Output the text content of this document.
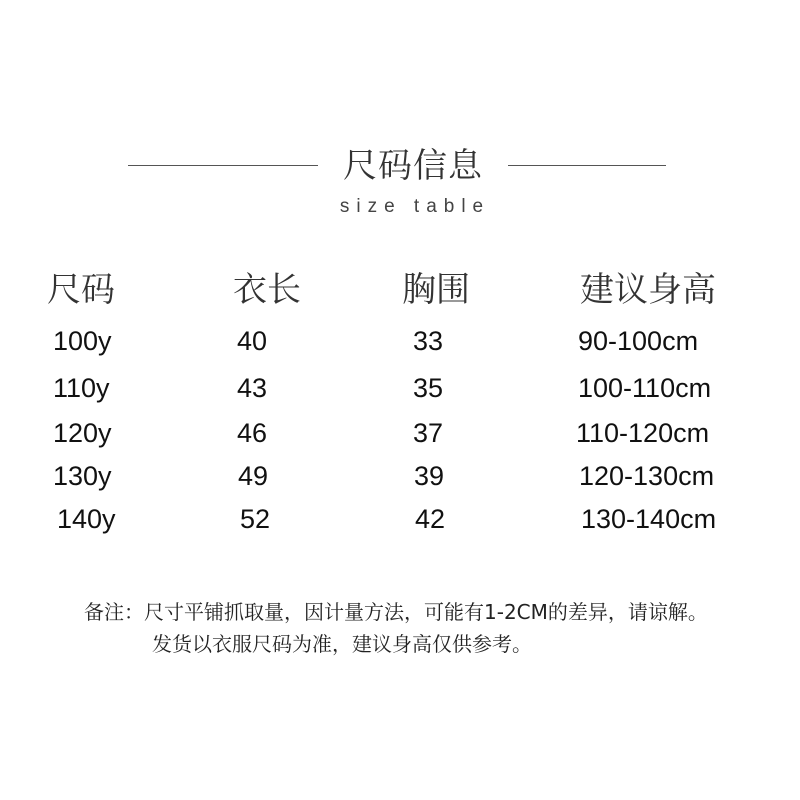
尺码信息
size table
尺码	衣长	胸围	建议身高
100y	40	33	90-100cm
110y	43	35	100-110cm
120y	46	37	110-120cm
130y	49	39	120-130cm
140y	52	42	130-140cm
备注：尺寸平铺抓取量，因计量方法，可能有1-2CM的差异，请谅解。
发货以衣服尺码为准，建议身高仅供参考。
